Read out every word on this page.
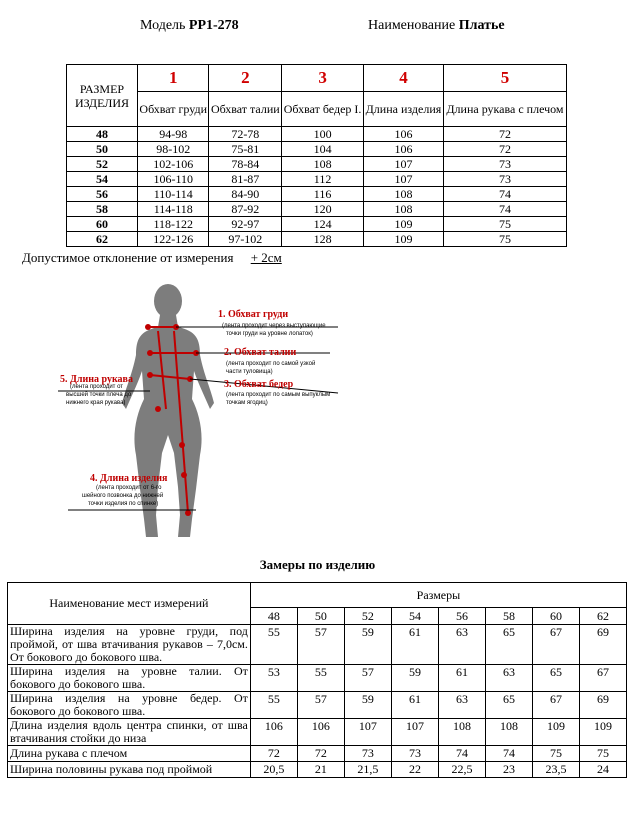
Модель РР1-278	Наименование Платье
РАЗМЕР ИЗДЕЛИЯ	1	2	3	4	5
	Обхват груди	Обхват талии	Обхват бедер I.	Длина изделия	Длина рукава с плечом
48	94-98	72-78	100	106	72
50	98-102	75-81	104	106	72
52	102-106	78-84	108	107	73
54	106-110	81-87	112	107	73
56	110-114	84-90	116	108	74
58	114-118	87-92	120	108	74
60	118-122	92-97	124	109	75
62	122-126	97-102	128	109	75
Допустимое отклонение от измерения + 2см
1. Обхват груди
(лента проходит через выступающие
точки груди на уровне лопаток)
2. Обхват талии
(лента проходит по самой узкой
части туловища)
3. Обхват бедер
(лента проходит по самым выпуклым
точкам ягодиц)
5. Длина рукава
(лента проходит от
высшей точки плеча до
нижнего края рукава)
4. Длина изделия
(лента проходит от 6-го
шейного позвонка до нижней
точки изделия по спинке)
Замеры по изделию
Наименование мест измерений	Размеры							
	48	50	52	54	56	58	60	62
Ширина изделия на уровне груди, под проймой, от шва втачивания рукавов – 7,0см. От бокового до бокового шва.	55	57	59	61	63	65	67	69
Ширина изделия на уровне талии. От бокового до бокового шва.	53	55	57	59	61	63	65	67
Ширина изделия на уровне бедер. От бокового до бокового шва.	55	57	59	61	63	65	67	69
Длина изделия вдоль центра спинки, от шва втачивания стойки до низа	106	106	107	107	108	108	109	109
Длина рукава с плечом	72	72	73	73	74	74	75	75
Ширина половины рукава под проймой	20,5	21	21,5	22	22,5	23	23,5	24
